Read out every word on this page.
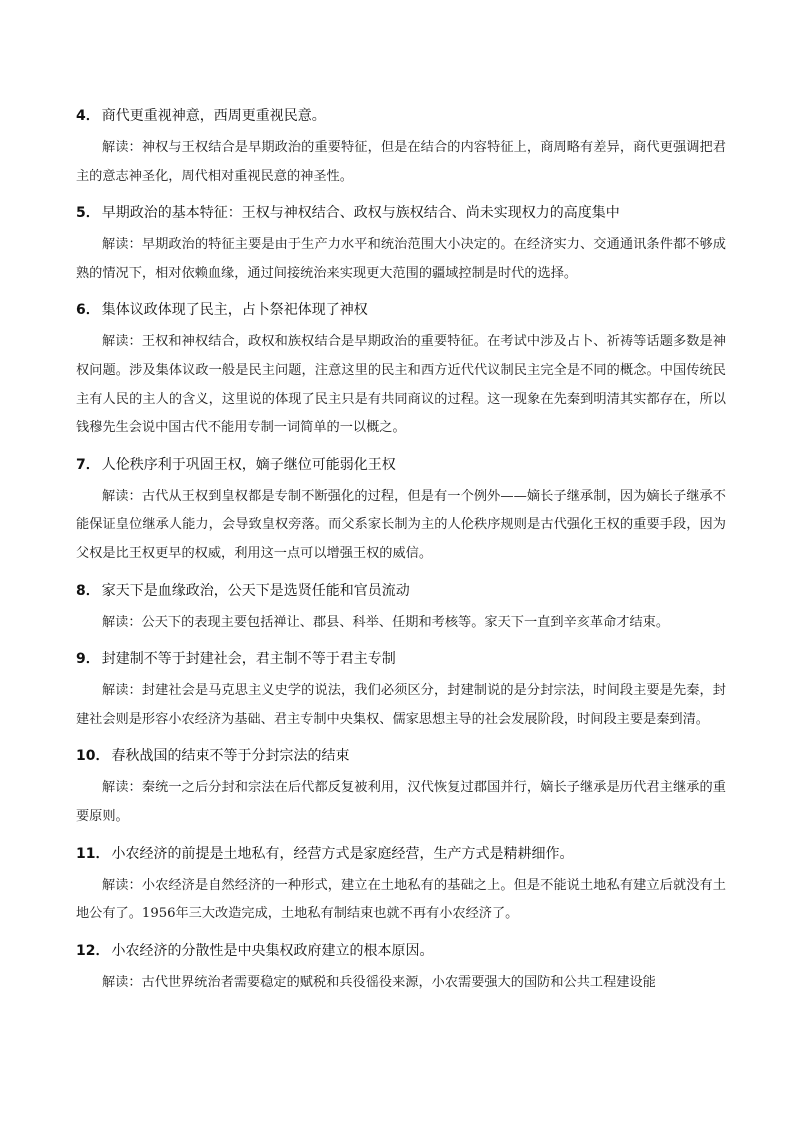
4． 商代更重视神意，西周更重视民意。
解读：神权与王权结合是早期政治的重要特征，但是在结合的内容特征上，商周略有差异，商代更强调把君主的意志神圣化，周代相对重视民意的神圣性。
5． 早期政治的基本特征：王权与神权结合、政权与族权结合、尚未实现权力的高度集中
解读：早期政治的特征主要是由于生产力水平和统治范围大小决定的。在经济实力、交通通讯条件都不够成熟的情况下，相对依赖血缘，通过间接统治来实现更大范围的疆域控制是时代的选择。
6． 集体议政体现了民主，占卜祭祀体现了神权
解读：王权和神权结合，政权和族权结合是早期政治的重要特征。在考试中涉及占卜、祈祷等话题多数是神权问题。涉及集体议政一般是民主问题，注意这里的民主和西方近代代议制民主完全是不同的概念。中国传统民主有人民的主人的含义，这里说的体现了民主只是有共同商议的过程。这一现象在先秦到明清其实都存在，所以钱穆先生会说中国古代不能用专制一词简单的一以概之。
7． 人伦秩序利于巩固王权，嫡子继位可能弱化王权
解读：古代从王权到皇权都是专制不断强化的过程，但是有一个例外——嫡长子继承制，因为嫡长子继承不能保证皇位继承人能力，会导致皇权旁落。而父系家长制为主的人伦秩序规则是古代强化王权的重要手段，因为父权是比王权更早的权威，利用这一点可以增强王权的威信。
8． 家天下是血缘政治，公天下是选贤任能和官员流动
解读：公天下的表现主要包括禅让、郡县、科举、任期和考核等。家天下一直到辛亥革命才结束。
9． 封建制不等于封建社会，君主制不等于君主专制
解读：封建社会是马克思主义史学的说法，我们必须区分，封建制说的是分封宗法，时间段主要是先秦，封建社会则是形容小农经济为基础、君主专制中央集权、儒家思想主导的社会发展阶段，时间段主要是秦到清。
10． 春秋战国的结束不等于分封宗法的结束
解读：秦统一之后分封和宗法在后代都反复被利用，汉代恢复过郡国并行，嫡长子继承是历代君主继承的重要原则。
11． 小农经济的前提是土地私有，经营方式是家庭经营，生产方式是精耕细作。
解读：小农经济是自然经济的一种形式，建立在土地私有的基础之上。但是不能说土地私有建立后就没有土地公有了。1956年三大改造完成，土地私有制结束也就不再有小农经济了。
12． 小农经济的分散性是中央集权政府建立的根本原因。
解读：古代世界统治者需要稳定的赋税和兵役徭役来源，小农需要强大的国防和公共工程建设能
